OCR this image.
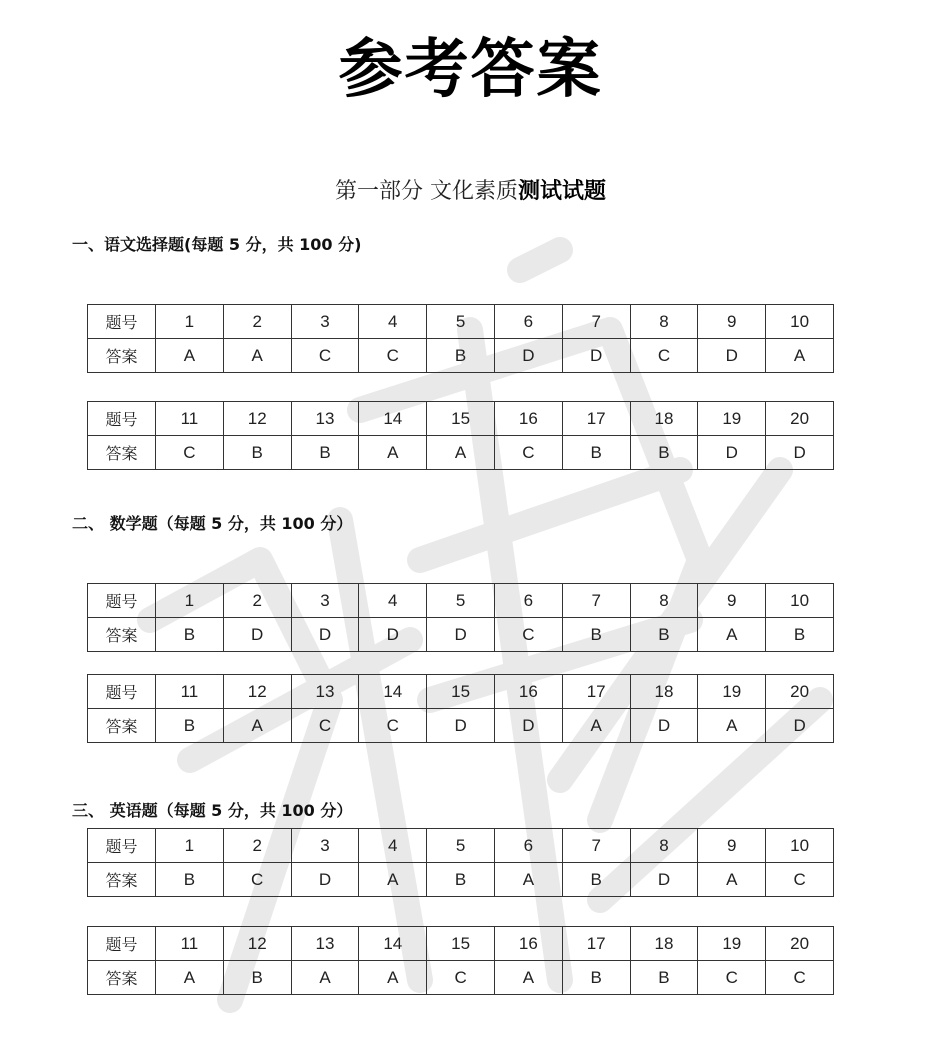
参考答案
第一部分 文化素质测试试题
一、语文选择题(每题 5 分，共 100 分)
二、 数学题（每题 5 分，共 100 分）
三、 英语题（每题 5 分，共 100 分）
题号	1	2	3	4	5	6	7	8	9	10
答案	A	A	C	C	B	D	D	C	D	A
题号	11	12	13	14	15	16	17	18	19	20
答案	C	B	B	A	A	C	B	B	D	D
题号	1	2	3	4	5	6	7	8	9	10
答案	B	D	D	D	D	C	B	B	A	B
题号	11	12	13	14	15	16	17	18	19	20
答案	B	A	C	C	D	D	A	D	A	D
题号	1	2	3	4	5	6	7	8	9	10
答案	B	C	D	A	B	A	B	D	A	C
题号	11	12	13	14	15	16	17	18	19	20
答案	A	B	A	A	C	A	B	B	C	C
